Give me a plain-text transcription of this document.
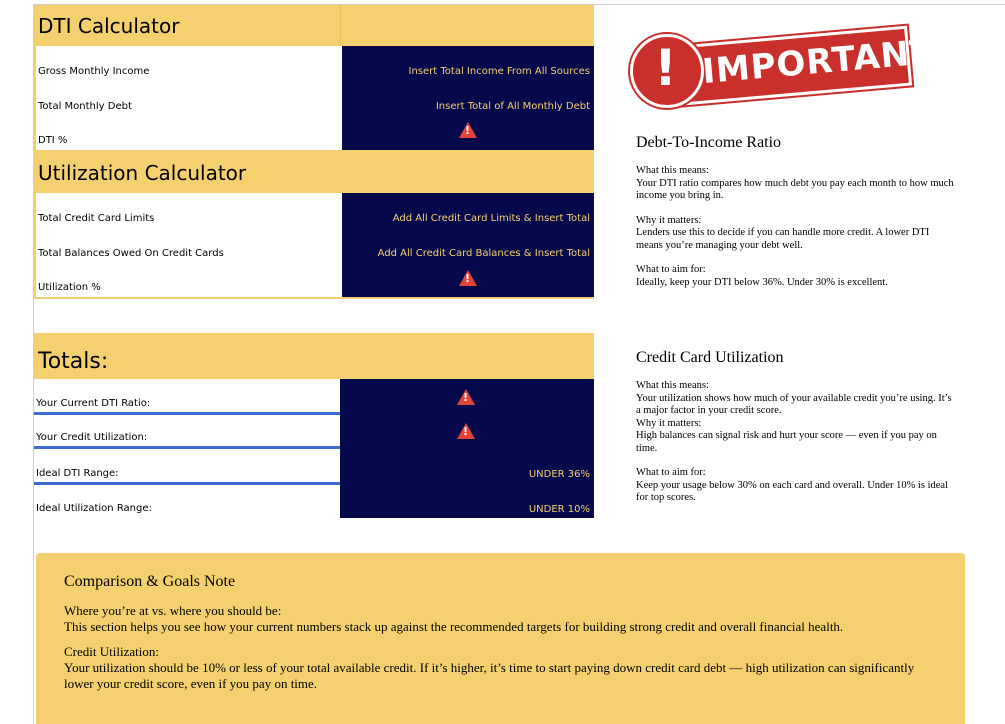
DTI Calculator
Gross Monthly Income
Total Monthly Debt
DTI %
Insert Total Income From All Sources
Insert Total of All Monthly Debt
!
Utilization Calculator
Total Credit Card Limits
Total Balances Owed On Credit Cards
Utilization %
Add All Credit Card Limits & Insert Total
Add All Credit Card Balances & Insert Total
!
Totals:
Your Current DTI Ratio:
Your Credit Utilization:
Ideal DTI Range:
Ideal Utilization Range:
!
!
UNDER 36%
UNDER 10%
! IMPORTANT
Debt-To-Income Ratio

What this means:

Your DTI ratio compares how much debt you pay each month to how much income you bring in.

Why it matters:

Lenders use this to decide if you can handle more credit. A lower DTI means you’re managing your debt well.

What to aim for:

Ideally, keep your DTI below 36%. Under 30% is excellent.

Credit Card Utilization

What this means:

Your utilization shows how much of your available credit you’re using. It’s a major factor in your credit score.

Why it matters:

High balances can signal risk and hurt your score — even if you pay on time.

What to aim for:

Keep your usage below 30% on each card and overall. Under 10% is ideal for top scores.

Comparison & Goals Note

Where you’re at vs. where you should be:

This section helps you see how your current numbers stack up against the recommended targets for building strong credit and overall financial health.

Credit Utilization:

Your utilization should be 10% or less of your total available credit. If it’s higher, it’s time to start paying down credit card debt — high utilization can significantly lower your credit score, even if you pay on time.
